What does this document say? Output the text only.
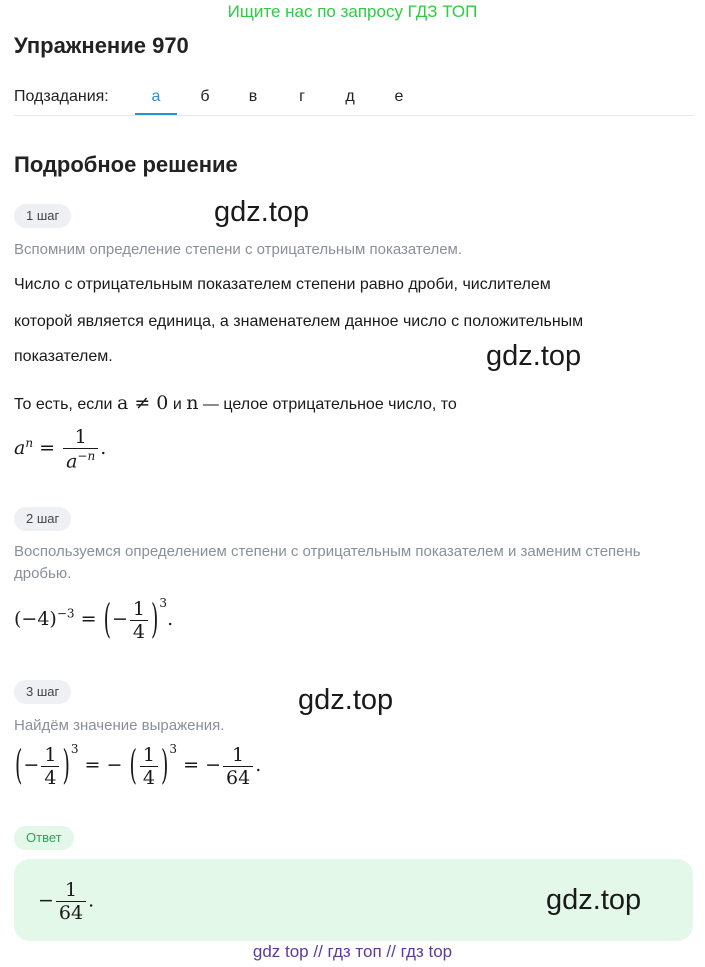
Ищите нас по запросу ГДЗ ТОП
Упражнение 970
Подзадания:	а	б	в	г	д	е
Подробное решение
1 шаг	gdz.top
Вспомним определение степени с отрицательным показателем.
Число с отрицательным показателем степени равно дроби, числителем
которой является единица, а знаменателем данное число с положительным
показателем.	gdz.top
То есть, если a ≠ 0 и n — целое отрицательное число, то
$a^n = \frac{1}{a^{-n}}$ .
2 шаг
Воспользуемся определением степени с отрицательным показателем и заменим степень дробью.
$(-4)^{-3}$ = (− $\frac{1}{4} )^3$.
3 шаг	gdz.top
Найдём значение выражения.
(− $\frac{1}{4} )^3$ = − ( $\frac{1}{4} )^3$ = − $\frac{1}{64}$ .
Ответ
− $\frac{1}{64}$ .	gdz.top
gdz top // гдз топ // гдз top
